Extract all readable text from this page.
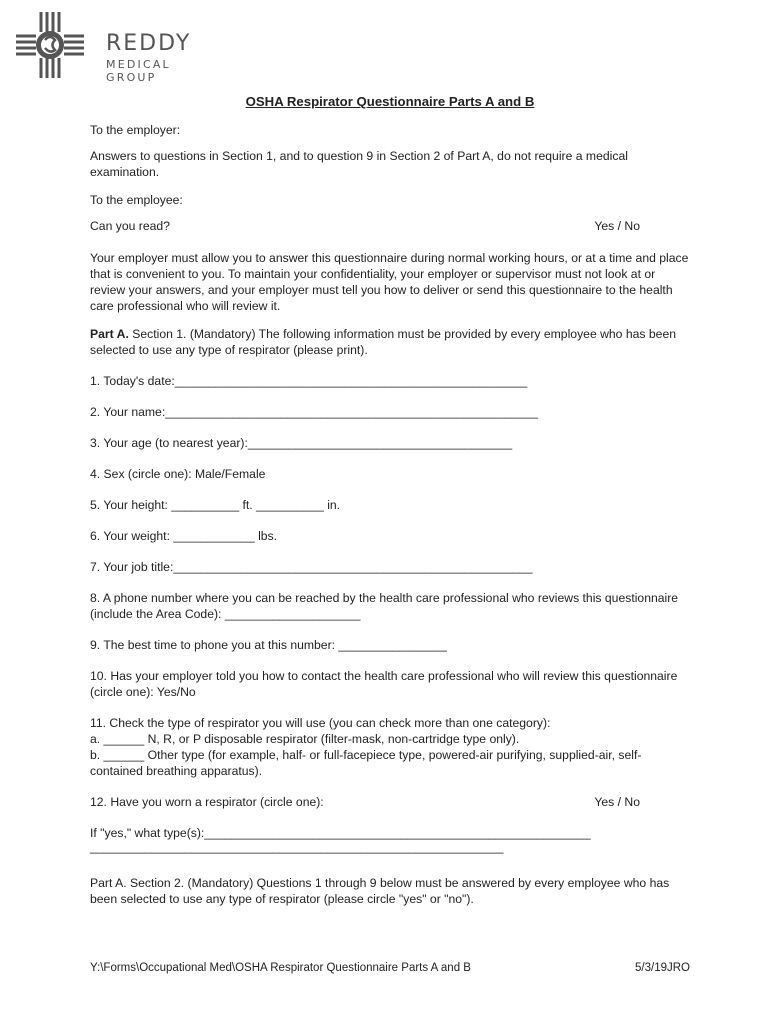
REDDY
MEDICAL GROUP

OSHA Respirator Questionnaire Parts A and B

To the employer:

Answers to questions in Section 1, and to question 9 in Section 2 of Part A, do not require a medical examination.

To the employee:

Can you read?	Yes / No

Your employer must allow you to answer this questionnaire during normal working hours, or at a time and place that is convenient to you. To maintain your confidentiality, your employer or supervisor must not look at or review your answers, and your employer must tell you how to deliver or send this questionnaire to the health care professional who will review it.

Part A. Section 1. (Mandatory) The following information must be provided by every employee who has been selected to use any type of respirator (please print).

1. Today's date:____________________________________________________

2. Your name:_______________________________________________________

3. Your age (to nearest year):_______________________________________

4. Sex (circle one): Male/Female

5. Your height: __________ ft. __________ in.

6. Your weight: ____________ lbs.

7. Your job title:_____________________________________________________

8. A phone number where you can be reached by the health care professional who reviews this questionnaire (include the Area Code): ____________________

9. The best time to phone you at this number: ________________

10. Has your employer told you how to contact the health care professional who will review this questionnaire (circle one): Yes/No

11. Check the type of respirator you will use (you can check more than one category):

a. ______ N, R, or P disposable respirator (filter-mask, non-cartridge type only).

b. ______ Other type (for example, half- or full-facepiece type, powered-air purifying, supplied-air, self-contained breathing apparatus).

12. Have you worn a respirator (circle one):	Yes / No

If "yes," what type(s):_________________________________________________________

_____________________________________________________________

Part A. Section 2. (Mandatory) Questions 1 through 9 below must be answered by every employee who has been selected to use any type of respirator (please circle "yes" or "no").

Y:\Forms\Occupational Med\OSHA Respirator Questionnaire Parts A and B	5/3/19JRO
